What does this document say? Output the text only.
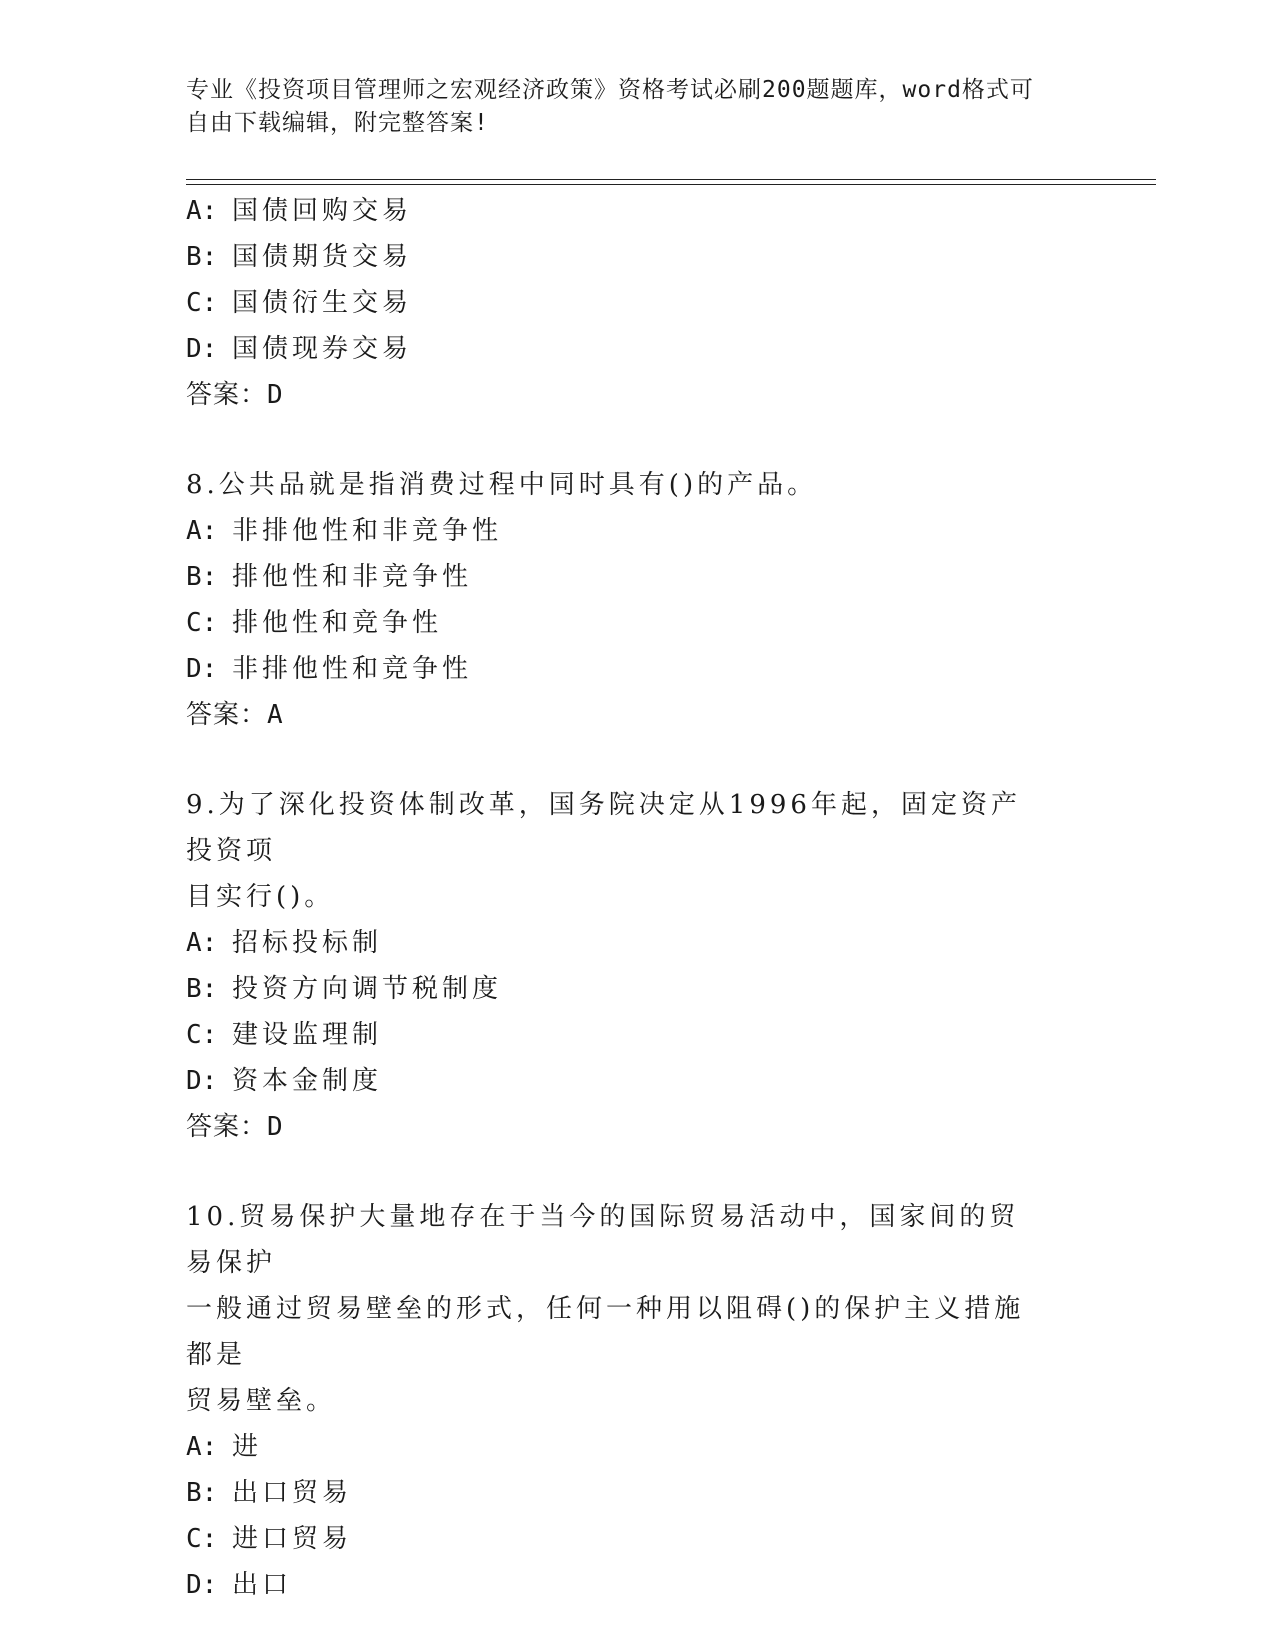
专业《投资项目管理师之宏观经济政策》资格考试必刷200题题库，word格式可
自由下载编辑，附完整答案!
A: 国债回购交易
B: 国债期货交易
C: 国债衍生交易
D: 国债现券交易
答案：D
8.公共品就是指消费过程中同时具有()的产品。
A: 非排他性和非竞争性
B: 排他性和非竞争性
C: 排他性和竞争性
D: 非排他性和竞争性
答案：A
9.为了深化投资体制改革，国务院决定从1996年起，固定资产投资项
目实行()。
A: 招标投标制
B: 投资方向调节税制度
C: 建设监理制
D: 资本金制度
答案：D
10.贸易保护大量地存在于当今的国际贸易活动中，国家间的贸易保护
一般通过贸易壁垒的形式，任何一种用以阻碍()的保护主义措施都是
贸易壁垒。
A: 进
B: 出口贸易
C: 进口贸易
D: 出口
